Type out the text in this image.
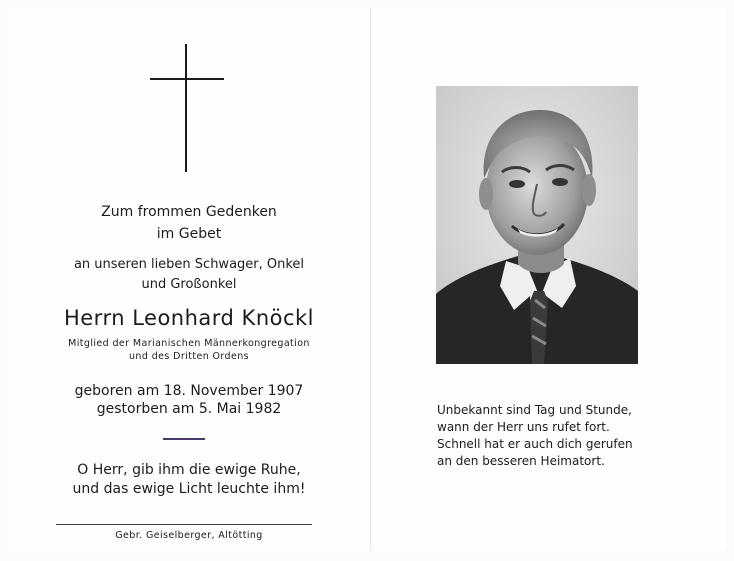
Zum frommen Gedenken

im Gebet

an unseren lieben Schwager, Onkel

und Großonkel

Herrn Leonhard Knöckl

Mitglied der Marianischen Männerkongregation

und des Dritten Ordens

geboren am 18. November 1907

gestorben am 5. Mai 1982

O Herr, gib ihm die ewige Ruhe,

und das ewige Licht leuchte ihm!

Gebr. Geiselberger, Altötting

Unbekannt sind Tag und Stunde,
wann der Herr uns rufet fort.
Schnell hat er auch dich gerufen
an den besseren Heimatort.
